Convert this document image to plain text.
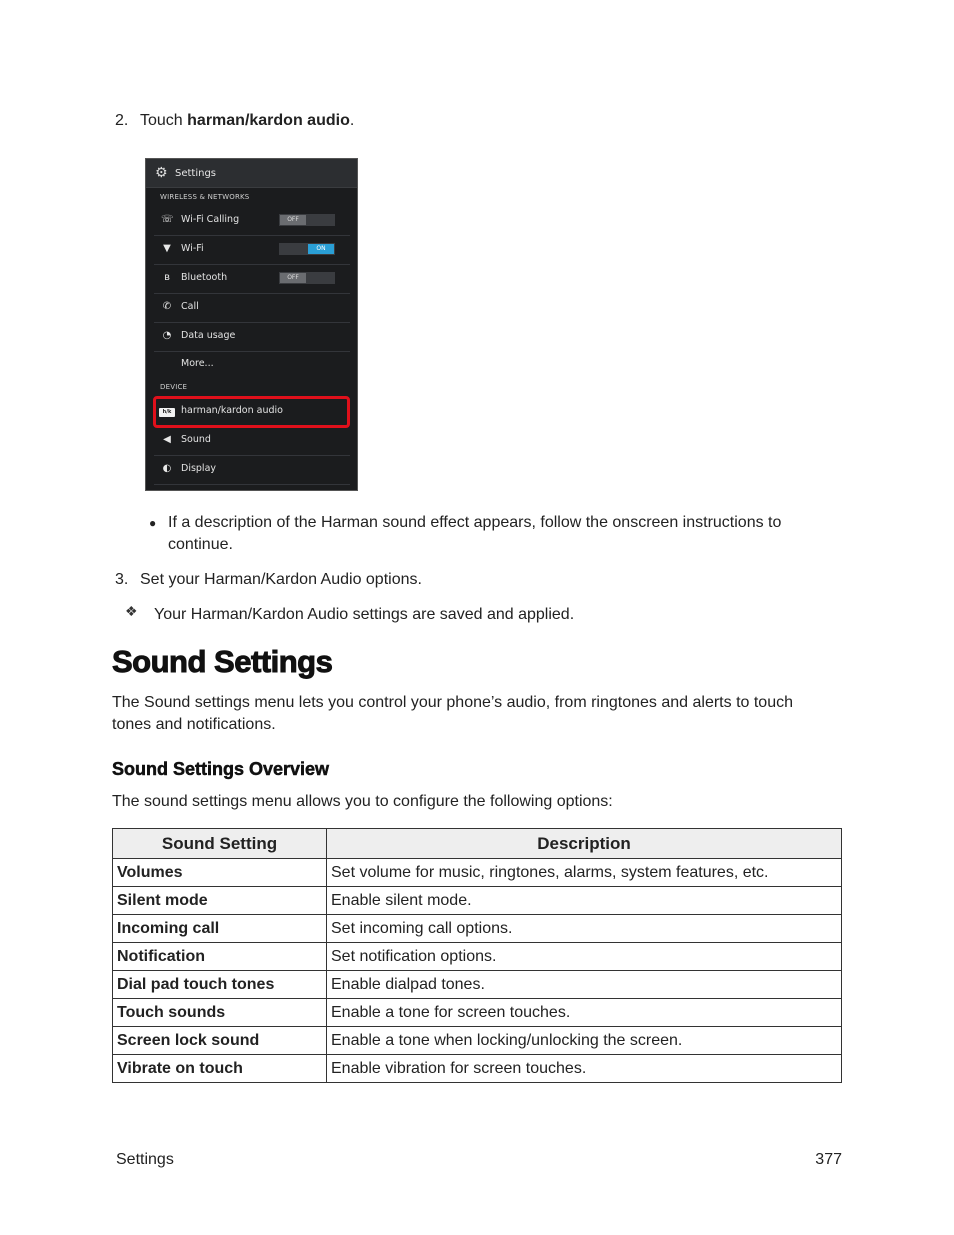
2. Touch harman/kardon audio.
⚙ Settings
WIRELESS & NETWORKS
☏ Wi-Fi Calling	OFF
▼ Wi-Fi	ON
ʙ	Bluetooth	OFF
✆ Call
◔ Data usage
More...
DEVICE
h/k	harman/kardon audio
◀ Sound
◐ Display
● If a description of the Harman sound effect appears, follow the onscreen instructions to continue.
3. Set your Harman/Kardon Audio options.
❖ Your Harman/Kardon Audio settings are saved and applied.
Sound Settings
The Sound settings menu lets you control your phone’s audio, from ringtones and alerts to touch tones and notifications.
Sound Settings Overview
The sound settings menu allows you to configure the following options:
Sound Setting	Description
Volumes	Set volume for music, ringtones, alarms, system features, etc.
Silent mode	Enable silent mode.
Incoming call	Set incoming call options.
Notification	Set notification options.
Dial pad touch tones	Enable dialpad tones.
Touch sounds	Enable a tone for screen touches.
Screen lock sound	Enable a tone when locking/unlocking the screen.
Vibrate on touch	Enable vibration for screen touches.
Settings	377
